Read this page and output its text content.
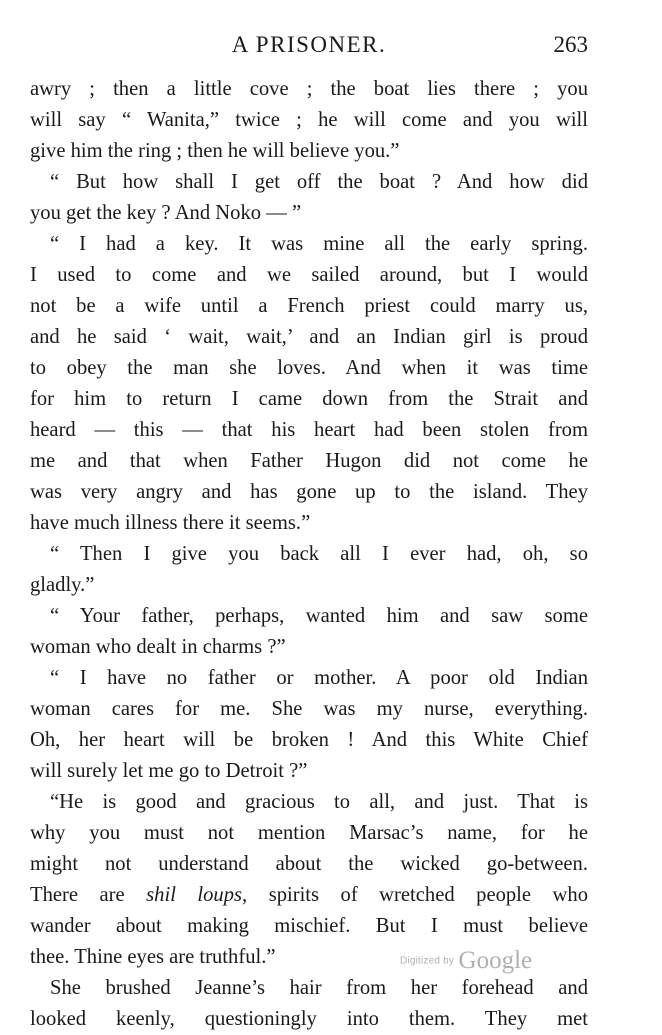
A PRISONER.	263
awry ; then a little cove ; the boat lies there ; you
will say “ Wanita,” twice ; he will come and you will
give him the ring ; then he will believe you.”
“ But how shall I get off the boat ? And how did
you get the key ? And Noko — ”
“ I had a key. It was mine all the early spring.
I used to come and we sailed around, but I would
not be a wife until a French priest could marry us,
and he said ‘ wait, wait,’ and an Indian girl is proud
to obey the man she loves. And when it was time
for him to return I came down from the Strait and
heard — this — that his heart had been stolen from
me and that when Father Hugon did not come he
was very angry and has gone up to the island. They
have much illness there it seems.”
“ Then I give you back all I ever had, oh, so
gladly.”
“ Your father, perhaps, wanted him and saw some
woman who dealt in charms ?”
“ I have no father or mother. A poor old Indian
woman cares for me. She was my nurse, everything.
Oh, her heart will be broken ! And this White Chief
will surely let me go to Detroit ?”
“He is good and gracious to all, and just. That is
why you must not mention Marsac’s name, for he
might not understand about the wicked go-between.
There are shil loups, spirits of wretched people who
wander about making mischief. But I must believe
thee. Thine eyes are truthful.”
She brushed Jeanne’s hair from her forehead and
looked keenly, questioningly into them. They met
Digitized by Google
